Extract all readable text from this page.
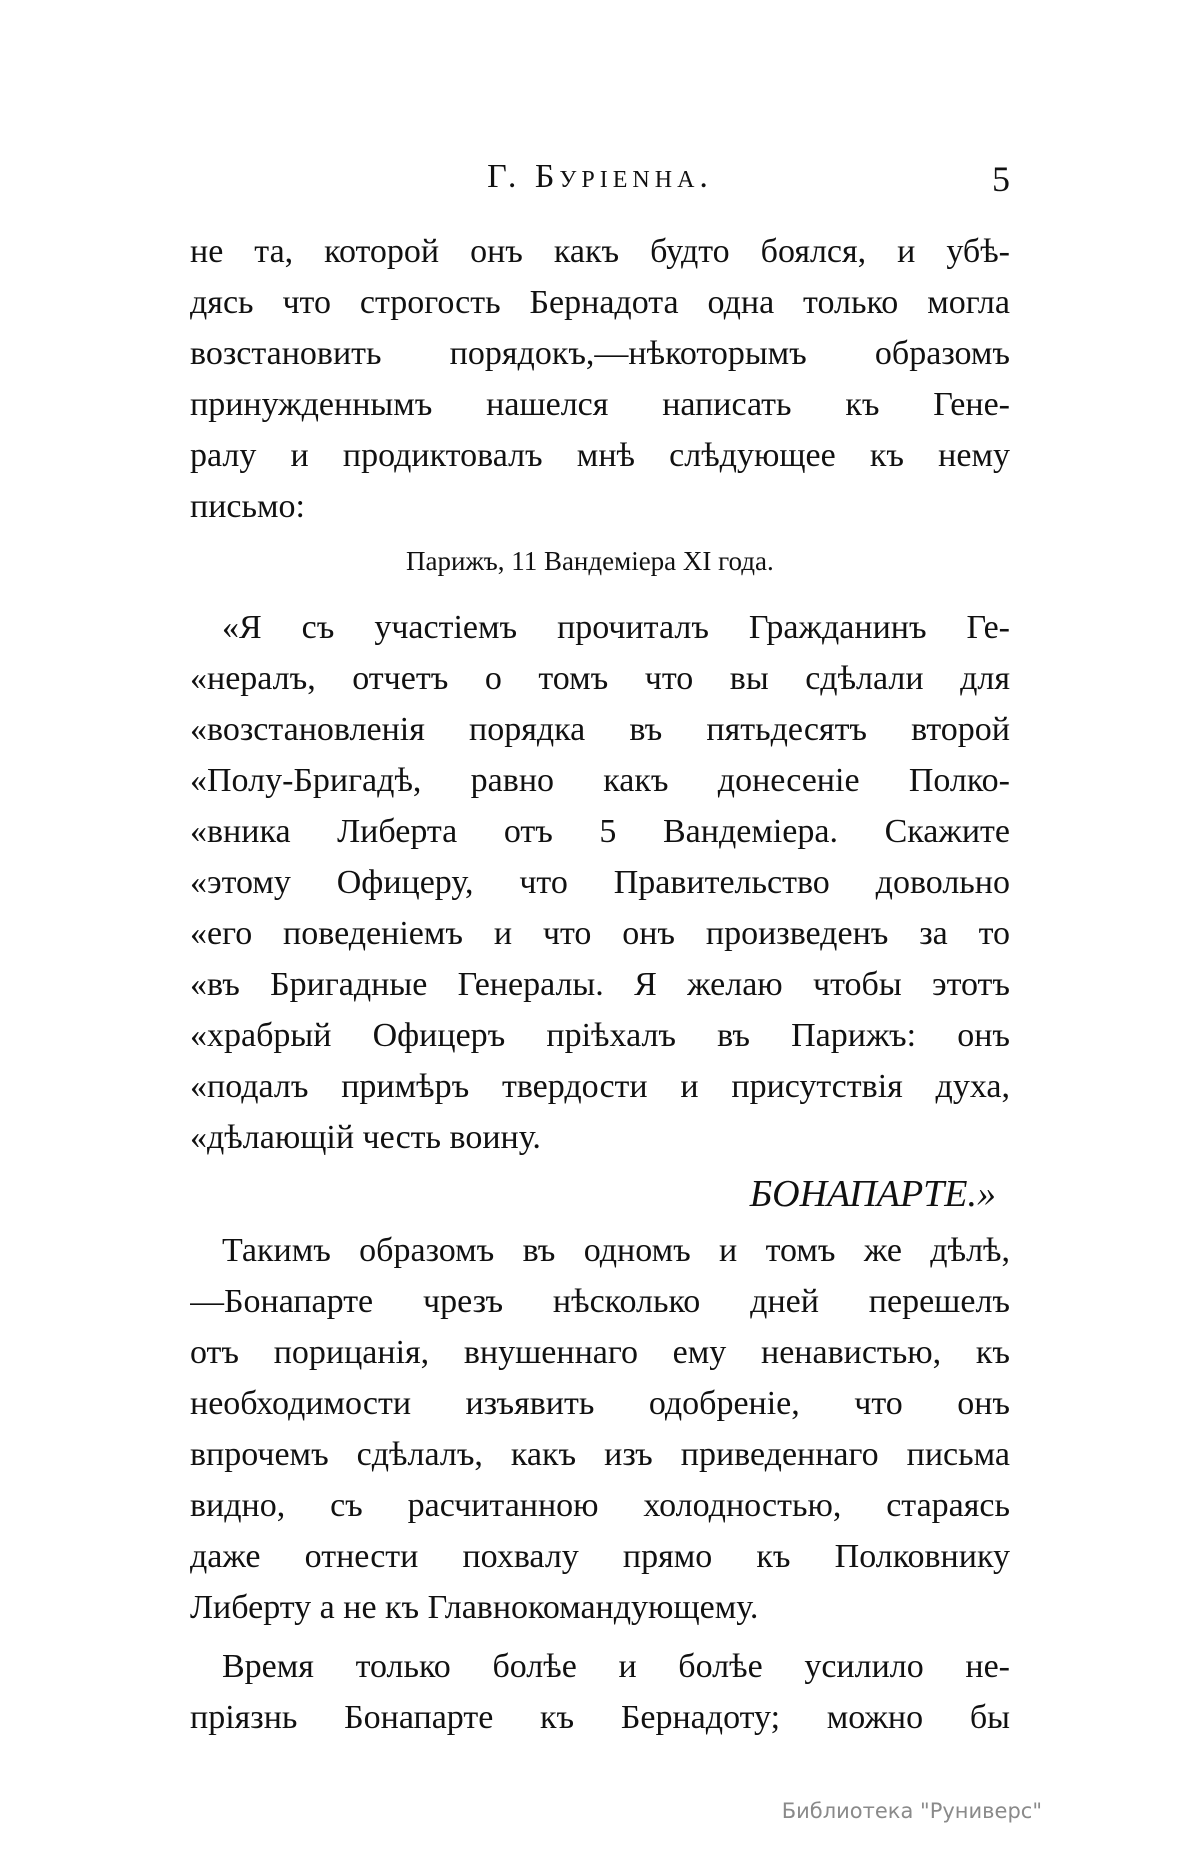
Г. Бурienна.	5
не та, которой онъ какъ будто боялся, и убѣ-
дясь что строгость Бернадота одна только могла
возстановить порядокъ,—нѣкоторымъ образомъ
принужденнымъ нашелся написать къ Гене-
ралу и продиктовалъ мнѣ слѣдующее къ нему
письмо:
Парижъ, 11 Вандеміера XI года.
«Я съ участіемъ прочиталъ Гражданинъ Ге-
«нералъ, отчетъ о томъ что вы сдѣлали для
«возстановленія порядка въ пятьдесятъ второй
«Полу-Бригадѣ, равно какъ донесеніе Полко-
«вника Либерта отъ 5 Вандеміера. Скажите
«этому Офицеру, что Правительство довольно
«его поведеніемъ и что онъ произведенъ за то
«въ Бригадные Генералы. Я желаю чтобы этотъ
«храбрый Офицеръ пріѣхалъ въ Парижъ: онъ
«подалъ примѣръ твердости и присутствія духа,
«дѣлающій честь воину.
БОНАПАРТЕ.»
Такимъ образомъ въ одномъ и томъ же дѣлѣ,
—Бонапарте чрезъ нѣсколько дней перешелъ
отъ порицанія, внушеннаго ему ненавистью, къ
необходимости изъявить одобреніе, что онъ
впрочемъ сдѣлалъ, какъ изъ приведеннаго письма
видно, съ расчитанною холодностью, стараясь
даже отнести похвалу прямо къ Полковнику
Либерту а не къ Главнокомандующему.
Время только болѣе и болѣе усилило не-
пріязнь Бонапарте къ Бернадоту; можно бы
Библиотека "Руниверс"
